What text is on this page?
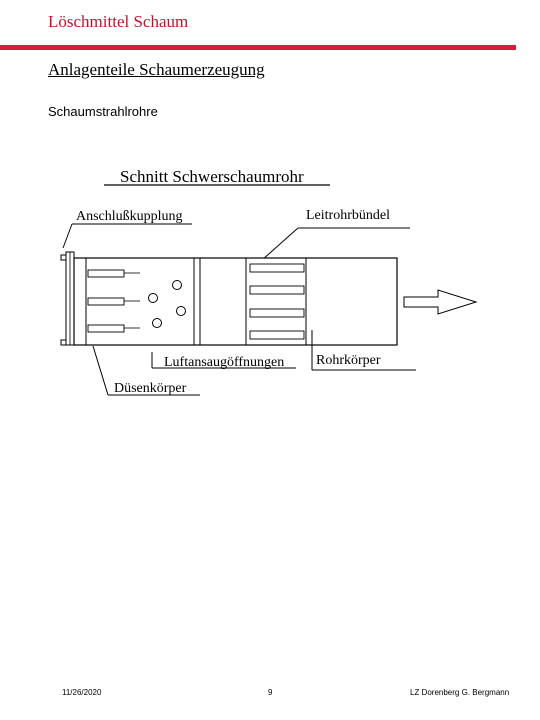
Löschmittel Schaum
Anlagenteile Schaumerzeugung
Schaumstrahlrohre
Schnitt Schwerschaumrohr
Anschlußkupplung	Leitrohrbündel
Luftansaugöffnungen Rohrkörper
Düsenkörper
11/26/2020	9	LZ Dorenberg G. Bergmann
